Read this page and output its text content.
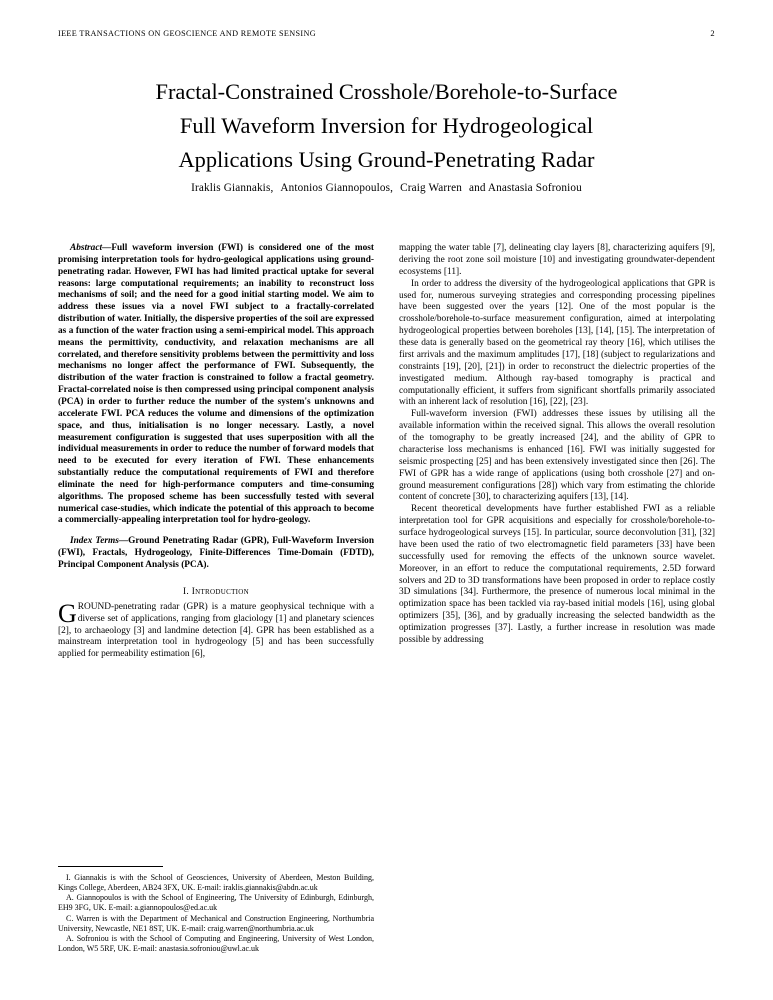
IEEE TRANSACTIONS ON GEOSCIENCE AND REMOTE SENSING	2
Fractal-Constrained Crosshole/Borehole-to-Surface
Full Waveform Inversion for Hydrogeological
Applications Using Ground-Penetrating Radar
Iraklis Giannakis, Antonios Giannopoulos, Craig Warren and Anastasia Sofroniou

Abstract—Full waveform inversion (FWI) is considered one of the most promising interpretation tools for hydro-geological applications using ground-penetrating radar. However, FWI has had limited practical uptake for several reasons: large computational requirements; an inability to reconstruct loss mechanisms of soil; and the need for a good initial starting model. We aim to address these issues via a novel FWI subject to a fractally-correlated distribution of water. Initially, the dispersive properties of the soil are expressed as a function of the water fraction using a semi-empirical model. This approach means the permittivity, conductivity, and relaxation mechanisms are all correlated, and therefore sensitivity problems between the permittivity and loss mechanisms no longer affect the performance of FWI. Subsequently, the distribution of the water fraction is constrained to follow a fractal geometry. Fractal-correlated noise is then compressed using principal component analysis (PCA) in order to further reduce the number of the system's unknowns and accelerate FWI. PCA reduces the volume and dimensions of the optimization space, and thus, initialisation is no longer necessary. Lastly, a novel measurement configuration is suggested that uses superposition with all the individual measurements in order to reduce the number of forward models that need to be executed for every iteration of FWI. These enhancements substantially reduce the computational requirements of FWI and therefore eliminate the need for high-performance computers and time-consuming algorithms. The proposed scheme has been successfully tested with several numerical case-studies, which indicate the potential of this approach to become a commercially-appealing interpretation tool for hydro-geology.

Index Terms—Ground Penetrating Radar (GPR), Full-Waveform Inversion (FWI), Fractals, Hydrogeology, Finite-Differences Time-Domain (FDTD), Principal Component Analysis (PCA).

I. Introduction

GROUND-penetrating radar (GPR) is a mature geophysical technique with a diverse set of applications, ranging from glaciology [1] and planetary sciences [2], to archaeology [3] and landmine detection [4]. GPR has been established as a mainstream interpretation tool in hydrogeology [5] and has been successfully applied for permeability estimation [6],

I. Giannakis is with the School of Geosciences, University of Aberdeen, Meston Building, Kings College, Aberdeen, AB24 3FX, UK. E-mail: iraklis.giannakis@abdn.ac.uk

A. Giannopoulos is with the School of Engineering, The University of Edinburgh, Edinburgh, EH9 3FG, UK. E-mail: a.giannopoulos@ed.ac.uk

C. Warren is with the Department of Mechanical and Construction Engineering, Northumbria University, Newcastle, NE1 8ST, UK. E-mail: craig.warren@northumbria.ac.uk

A. Sofroniou is with the School of Computing and Engineering, University of West London, London, W5 5RF, UK. E-mail: anastasia.sofroniou@uwl.ac.uk

mapping the water table [7], delineating clay layers [8], characterizing aquifers [9], deriving the root zone soil moisture [10] and investigating groundwater-dependent ecosystems [11].

In order to address the diversity of the hydrogeological applications that GPR is used for, numerous surveying strategies and corresponding processing pipelines have been suggested over the years [12]. One of the most popular is the crosshole/borehole-to-surface measurement configuration, aimed at interpolating hydrogeological properties between boreholes [13], [14], [15]. The interpretation of these data is generally based on the geometrical ray theory [16], which utilises the first arrivals and the maximum amplitudes [17], [18] (subject to regularizations and constraints [19], [20], [21]) in order to reconstruct the dielectric properties of the investigated medium. Although ray-based tomography is practical and computationally efficient, it suffers from significant shortfalls primarily associated with an inherent lack of resolution [16], [22], [23].

Full-waveform inversion (FWI) addresses these issues by utilising all the available information within the received signal. This allows the overall resolution of the tomography to be greatly increased [24], and the ability of GPR to characterise loss mechanisms is enhanced [16]. FWI was initially suggested for seismic prospecting [25] and has been extensively investigated since then [26]. The FWI of GPR has a wide range of applications (using both crosshole [27] and on-ground measurement configurations [28]) which vary from estimating the chloride content of concrete [30], to characterizing aquifers [13], [14].

Recent theoretical developments have further established FWI as a reliable interpretation tool for GPR acquisitions and especially for crosshole/borehole-to-surface hydrogeological surveys [15]. In particular, source deconvolution [31], [32] have been used the ratio of two electromagnetic field parameters [33] have been successfully used for removing the effects of the unknown source wavelet. Moreover, in an effort to reduce the computational requirements, 2.5D forward solvers and 2D to 3D transformations have been proposed in order to replace costly 3D simulations [34]. Furthermore, the presence of numerous local minimal in the optimization space has been tackled via ray-based initial models [16], using global optimizers [35], [36], and by gradually increasing the selected bandwidth as the optimization progresses [37]. Lastly, a further increase in resolution was made possible by addressing
